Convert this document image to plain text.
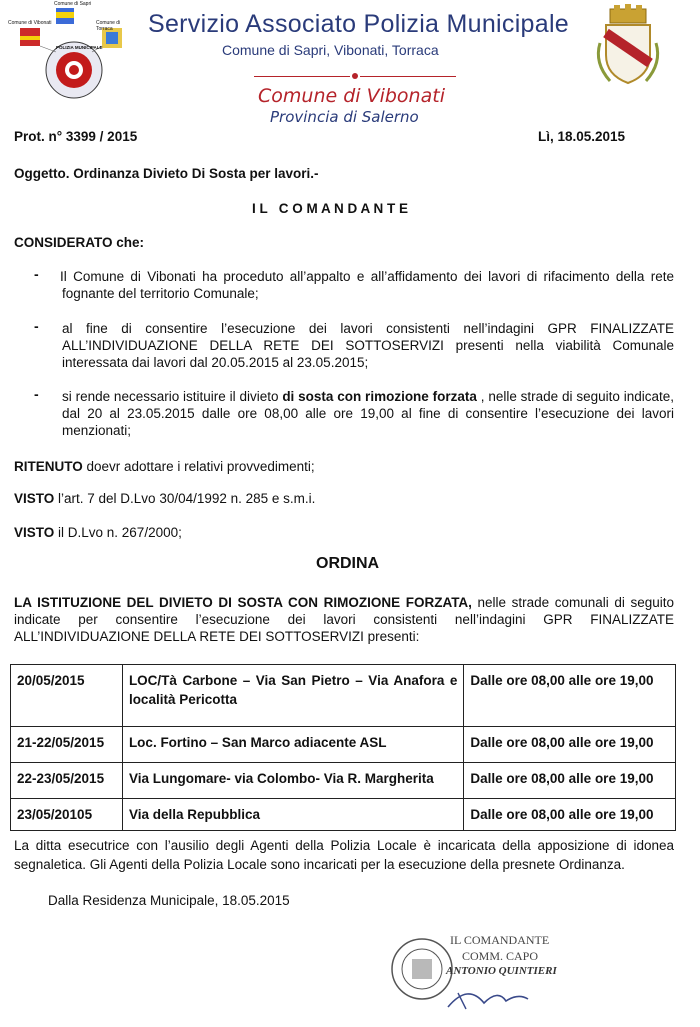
Comune di Sapri
Comune di Vibonati	Comune di Torraca
POLIZIA MUNICIPALE
Servizio Associato Polizia Municipale
Comune di Sapri, Vibonati, Torraca
Comune di Vibonati
Provincia di Salerno
Prot. n° 3399 / 2015	Lì, 18.05.2015
Oggetto. Ordinanza Divieto Di Sosta per lavori.-
I L   C O M A N D A N T E
CONSIDERATO che:
- Il Comune di Vibonati ha proceduto all’appalto e all’affidamento dei lavori di rifacimento della rete fognante del territorio Comunale;
- al fine di consentire l’esecuzione dei lavori consistenti nell’indagini GPR FINALIZZATE ALL’INDIVIDUAZIONE DELLA RETE DEI SOTTOSERVIZI presenti nella viabilità Comunale interessata dai lavori dal 20.05.2015 al 23.05.2015;
- si rende necessario istituire il divieto di sosta con rimozione forzata , nelle strade di seguito indicate, dal 20 al 23.05.2015 dalle ore 08,00 alle ore 19,00 al fine di consentire l’esecuzione dei lavori menzionati;
RITENUTO doevr adottare i relativi provvedimenti;
VISTO l’art. 7 del D.Lvo 30/04/1992 n. 285 e s.m.i.
VISTO il D.Lvo n. 267/2000;
ORDINA
LA ISTITUZIONE DEL DIVIETO DI SOSTA CON RIMOZIONE FORZATA, nelle strade comunali di seguito indicate per consentire l’esecuzione dei lavori consistenti nell’indagini GPR FINALIZZATE ALL’INDIVIDUAZIONE DELLA RETE DEI SOTTOSERVIZI presenti:
20/05/2015	LOC/Tà Carbone – Via San Pietro – Via Anafora e località Pericotta	Dalle ore 08,00 alle ore 19,00
21-22/05/2015	Loc. Fortino – San Marco adiacente ASL	Dalle ore 08,00 alle ore 19,00
22-23/05/2015	Via Lungomare- via Colombo- Via R. Margherita	Dalle ore 08,00 alle ore 19,00
23/05/20105	Via della Repubblica	Dalle ore 08,00 alle ore 19,00
La ditta esecutrice con l’ausilio degli Agenti della Polizia Locale è incaricata della apposizione di idonea segnaletica. Gli Agenti della Polizia Locale sono incaricati per la esecuzione della presnete Ordinanza.
Dalla Residenza Municipale, 18.05.2015
IL COMANDANTE
COMM. CAPO
ANTONIO QUINTIERI
